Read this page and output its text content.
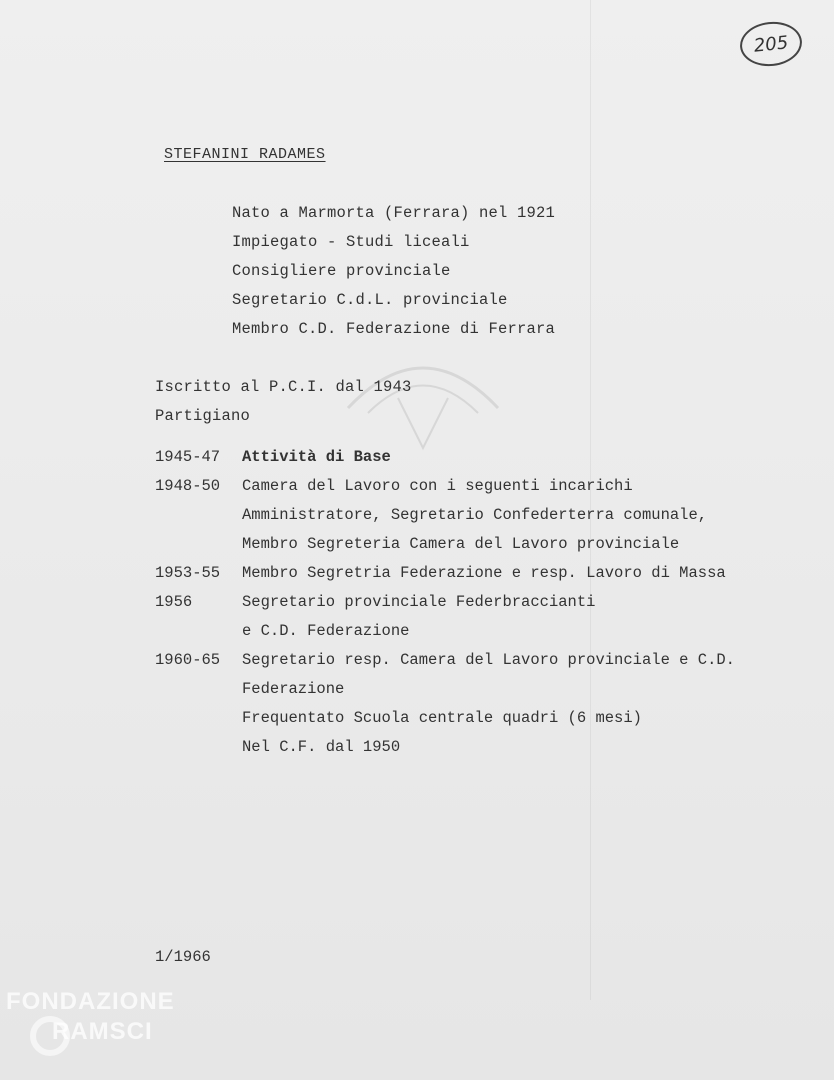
205
STEFANINI RADAMES
Nato a Marmorta (Ferrara) nel 1921
Impiegato - Studi liceali
Consigliere provinciale
Segretario C.d.L. provinciale
Membro C.D. Federazione di Ferrara
Iscritto al P.C.I. dal 1943
Partigiano
1945-47 Attività di Base
1948-50 Camera del Lavoro con i seguenti incarichi
Amministratore, Segretario Confederterra comunale,
Membro Segreteria Camera del Lavoro provinciale
1953-55 Membro Segretria Federazione e resp. Lavoro di Massa
1956	Segretario provinciale Federbraccianti
e C.D. Federazione
1960-65 Segretario resp. Camera del Lavoro provinciale e C.D.
Federazione
Frequentato Scuola centrale quadri (6 mesi)
Nel C.F. dal 1950
1/1966
FONDAZIONE
RAMSCI
